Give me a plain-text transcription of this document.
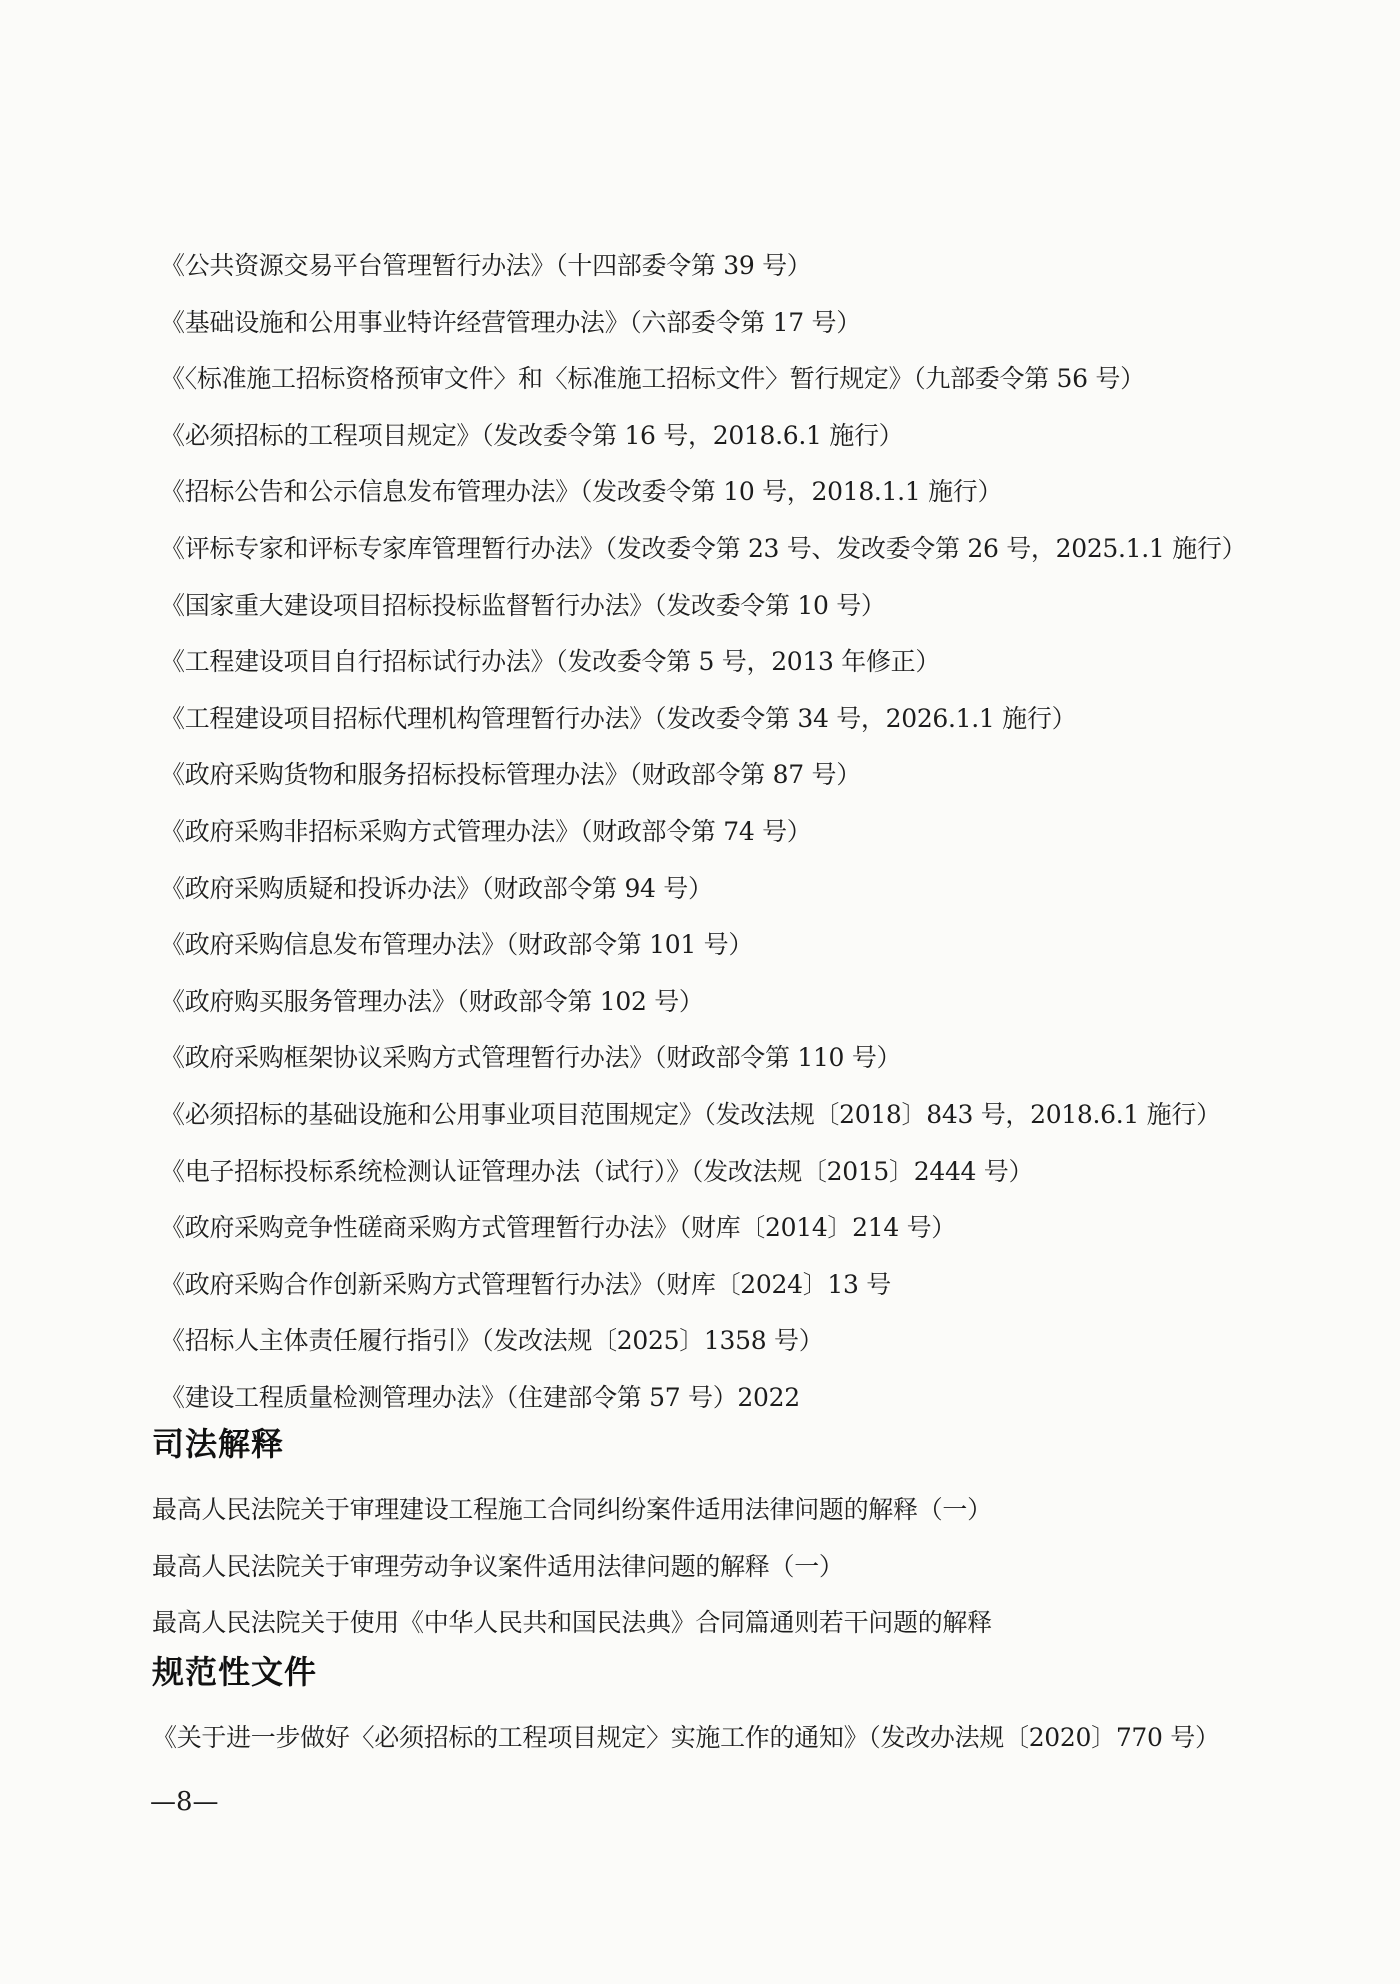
《公共资源交易平台管理暂行办法》（十四部委令第 39 号）
《基础设施和公用事业特许经营管理办法》（六部委令第 17 号）
《〈标准施工招标资格预审文件〉和〈标准施工招标文件〉暂行规定》（九部委令第 56 号）
《必须招标的工程项目规定》（发改委令第 16 号，2018.6.1 施行）
《招标公告和公示信息发布管理办法》（发改委令第 10 号，2018.1.1 施行）
《评标专家和评标专家库管理暂行办法》（发改委令第 23 号、发改委令第 26 号，2025.1.1 施行）
《国家重大建设项目招标投标监督暂行办法》（发改委令第 10 号）
《工程建设项目自行招标试行办法》（发改委令第 5 号，2013 年修正）
《工程建设项目招标代理机构管理暂行办法》（发改委令第 34 号，2026.1.1 施行）
《政府采购货物和服务招标投标管理办法》（财政部令第 87 号）
《政府采购非招标采购方式管理办法》（财政部令第 74 号）
《政府采购质疑和投诉办法》（财政部令第 94 号）
《政府采购信息发布管理办法》（财政部令第 101 号）
《政府购买服务管理办法》（财政部令第 102 号）
《政府采购框架协议采购方式管理暂行办法》（财政部令第 110 号）
《必须招标的基础设施和公用事业项目范围规定》（发改法规〔2018〕843 号，2018.6.1 施行）
《电子招标投标系统检测认证管理办法（试行）》（发改法规〔2015〕2444 号）
《政府采购竞争性磋商采购方式管理暂行办法》（财库〔2014〕214 号）
《政府采购合作创新采购方式管理暂行办法》（财库〔2024〕13 号
《招标人主体责任履行指引》（发改法规〔2025〕1358 号）
《建设工程质量检测管理办法》（住建部令第 57 号）2022
司法解释
最高人民法院关于审理建设工程施工合同纠纷案件适用法律问题的解释（一）
最高人民法院关于审理劳动争议案件适用法律问题的解释（一）
最高人民法院关于使用《中华人民共和国民法典》合同篇通则若干问题的解释
规范性文件
《关于进一步做好〈必须招标的工程项目规定〉实施工作的通知》（发改办法规〔2020〕770 号）
—8—
